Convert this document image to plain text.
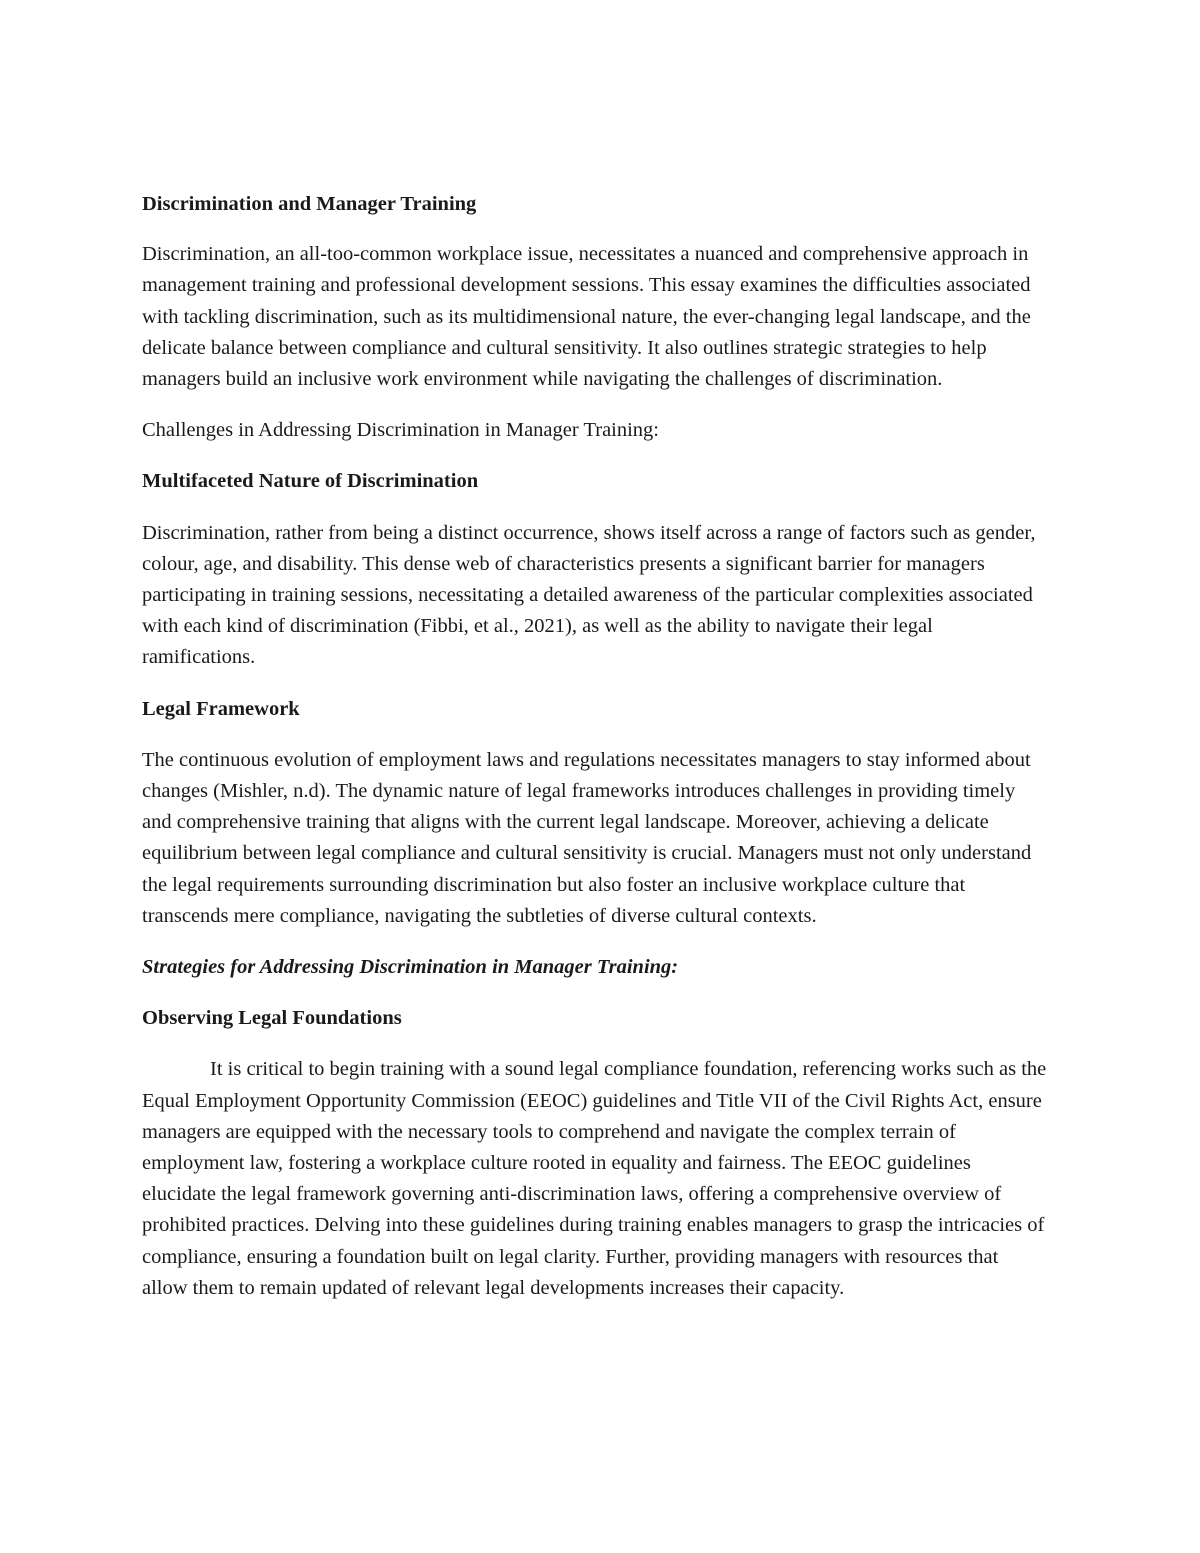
Discrimination and Manager Training

Discrimination, an all-too-common workplace issue, necessitates a nuanced and comprehensive approach in management training and professional development sessions. This essay examines the difficulties associated with tackling discrimination, such as its multidimensional nature, the ever-changing legal landscape, and the delicate balance between compliance and cultural sensitivity. It also outlines strategic strategies to help managers build an inclusive work environment while navigating the challenges of discrimination.

Challenges in Addressing Discrimination in Manager Training:

Multifaceted Nature of Discrimination

Discrimination, rather from being a distinct occurrence, shows itself across a range of factors such as gender, colour, age, and disability. This dense web of characteristics presents a significant barrier for managers participating in training sessions, necessitating a detailed awareness of the particular complexities associated with each kind of discrimination (Fibbi, et al., 2021), as well as the ability to navigate their legal ramifications.

Legal Framework

The continuous evolution of employment laws and regulations necessitates managers to stay informed about changes (Mishler, n.d). The dynamic nature of legal frameworks introduces challenges in providing timely and comprehensive training that aligns with the current legal landscape. Moreover, achieving a delicate equilibrium between legal compliance and cultural sensitivity is crucial. Managers must not only understand the legal requirements surrounding discrimination but also foster an inclusive workplace culture that transcends mere compliance, navigating the subtleties of diverse cultural contexts.

Strategies for Addressing Discrimination in Manager Training:

Observing Legal Foundations

It is critical to begin training with a sound legal compliance foundation, referencing works such as the Equal Employment Opportunity Commission (EEOC) guidelines and Title VII of the Civil Rights Act, ensure managers are equipped with the necessary tools to comprehend and navigate the complex terrain of employment law, fostering a workplace culture rooted in equality and fairness. The EEOC guidelines elucidate the legal framework governing anti-discrimination laws, offering a comprehensive overview of prohibited practices. Delving into these guidelines during training enables managers to grasp the intricacies of compliance, ensuring a foundation built on legal clarity. Further, providing managers with resources that allow them to remain updated of relevant legal developments increases their capacity.
